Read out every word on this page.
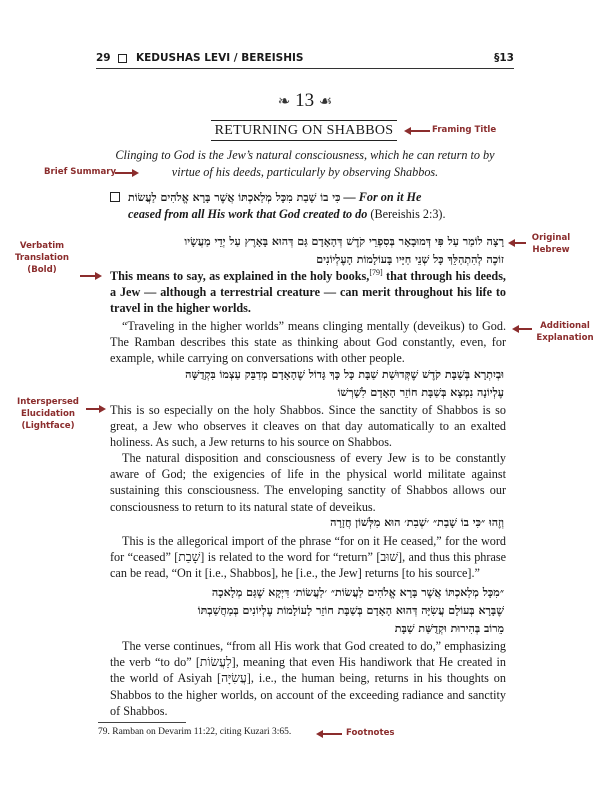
29 KEDUSHAS LEVI / BEREISHIS	§13
❧ 13 ☙
RETURNING ON SHABBOS
Clinging to God is the Jew’s natural consciousness, which he can return to by virtue of his deeds, particularly by observing Shabbos.
כִּי בוֹ שָׁבַת מִכָּל מְלַאכְתּוֹ אֲשֶׁר בָּרָא אֱלֹהִים לַעֲשׂוֹת — For on it He
ceased from all His work that God created to do (Bereishis 2:3).
רָצָה לוֹמַר עַל פִּי דְּמוּבָאָר בְּסִפְרֵי קֹדֶשׁ דְּהָאָדָם גַּם דְּהוּא בָּאָרֶץ עַל יְדֵי מַעֲשָׂיו
זוֹכֶה לְהִתְהַלֵּךְ כָּל שְׁנֵי חַיָּיו בָּעוֹלָמוֹת הָעֶלְיוֹנִים
This means to say, as explained in the holy books,[79] that through his deeds, a Jew — although a terrestrial creature — can merit throughout his life to travel in the higher worlds.
“Traveling in the higher worlds” means clinging mentally (deveikus) to God. The Ramban describes this state as thinking about God constantly, even, for example, while carrying on conversations with other people.
וּבְיִתְרָא בְּשַׁבָּת קֹדֶשׁ שֶׁקְּדוּשַׁת שַׁבָּת כָּל כָּךְ גָּדוֹל שֶׁהָאָדָם מְדַבֵּק עַצְמוֹ בִּקְדֻשָּׁה
עֶלְיוֹנָה נִמְצָא בְּשַׁבָּת חוֹזֵר הָאָדָם לִשָׁרְשׁוֹ
This is so especially on the holy Shabbos. Since the sanctity of Shabbos is so great, a Jew who observes it cleaves on that day automatically to an exalted holiness. As such, a Jew returns to his source on Shabbos.
The natural disposition and consciousness of every Jew is to be constantly aware of God; the exigencies of life in the physical world militate against sustaining this consciousness. The enveloping sanctity of Shabbos allows our consciousness to return to its natural state of deveikus.
וְזֶהוּ ״כִּי בוֹ שָׁבַת״ ׳שְׁבִת׳ הוּא מִלְּשׁוֹן חֲזָרָה
This is the allegorical import of the phrase “for on it He ceased,” for the word for “ceased” [שָׁבַת] is related to the word for “return” [שׁוּב], and thus this phrase can be read, “On it [i.e., Shabbos], he [i.e., the Jew] returns [to his source].”
״מִכָּל מְלַאכְתּוֹ אֲשֶׁר בָּרָא אֱלֹהִים לַעֲשׂוֹת״ ׳לַעֲשׂוֹת׳ דִּיְקָא שֶׁגַּם מְלָאכָה
שֶׁבָּרָא בְּעוֹלָם עֲשִׂיָּה דְּהוּא הָאָדָם בְּשַׁבָּת חוֹזֵר לָעוֹלָמוֹת עֶלְיוֹנִים בְּמַחֲשַׁבְתּוֹ
מֵרוֹב בְּהִירוּת וּקְדֻשַּׁת שַׁבָּת
The verse continues, “from all His work that God created to do,” emphasizing the verb “to do” [לַעֲשׂוֹת], meaning that even His handiwork that He created in the world of Asiyah [עֲשִׂיָּה], i.e., the human being, returns in his thoughts on Shabbos to the higher worlds, on account of the exceeding radiance and sanctity of Shabbos.
79. Ramban on Devarim 11:22, citing Kuzari 3:65.
Framing Title
Brief Summary
Original
Hebrew
Verbatim
Translation
(Bold)
Additional
Explanation
Interspersed
Elucidation
(Lightface)
Footnotes
